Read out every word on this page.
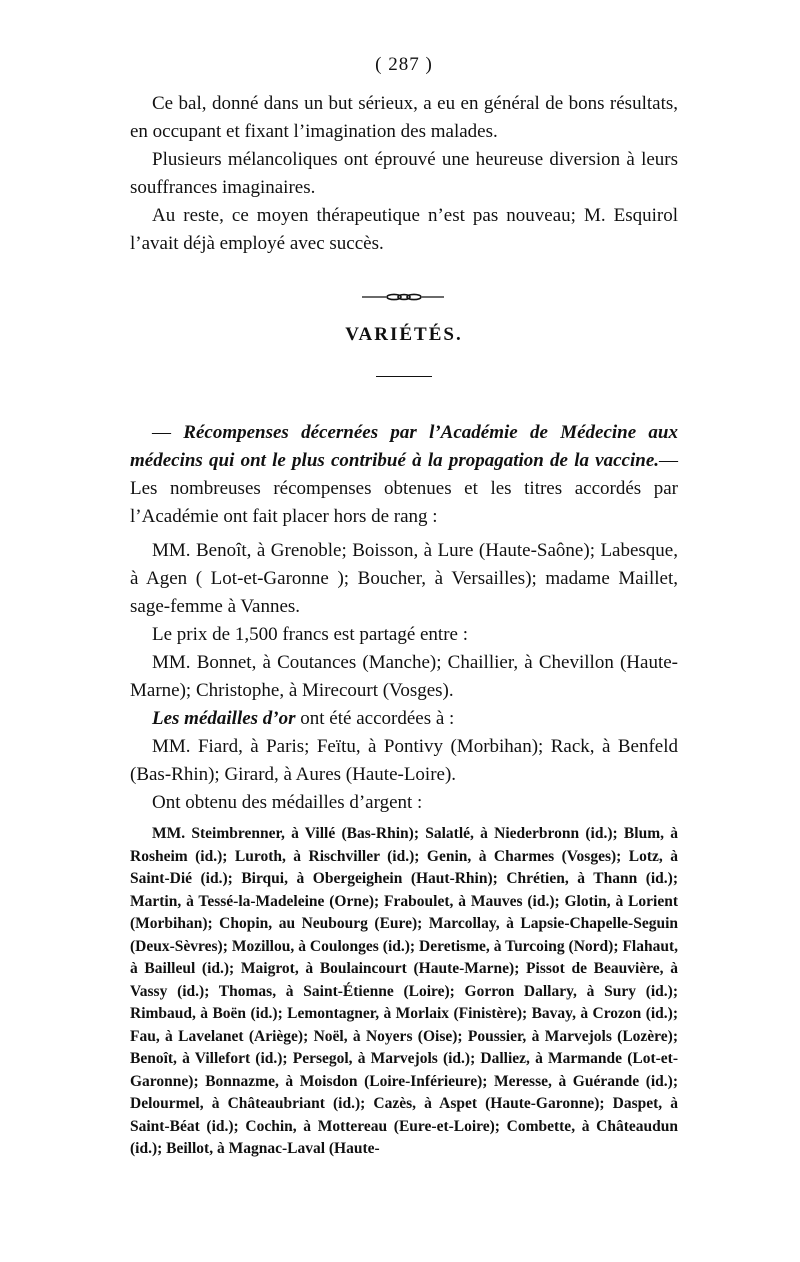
( 287 )

Ce bal, donné dans un but sérieux, a eu en général de bons résultats, en occupant et fixant l’imagination des malades.

Plusieurs mélancoliques ont éprouvé une heureuse diversion à leurs souffrances imaginaires.

Au reste, ce moyen thérapeutique n’est pas nouveau; M. Esquirol l’avait déjà employé avec succès.

VARIÉTÉS.

— Récompenses décernées par l’Académie de Médecine aux médecins qui ont le plus contribué à la propagation de la vaccine.— Les nombreuses récompenses obtenues et les titres accordés par l’Académie ont fait placer hors de rang :

MM. Benoît, à Grenoble; Boisson, à Lure (Haute-Saône); Labesque, à Agen ( Lot-et-Garonne ); Boucher, à Versailles); madame Maillet, sage-femme à Vannes.

Le prix de 1,500 francs est partagé entre :

MM. Bonnet, à Coutances (Manche); Chaillier, à Chevillon (Haute-Marne); Christophe, à Mirecourt (Vosges).

Les médailles d’or ont été accordées à :

MM. Fiard, à Paris; Feïtu, à Pontivy (Morbihan); Rack, à Benfeld (Bas-Rhin); Girard, à Aures (Haute-Loire).

Ont obtenu des médailles d’argent :

MM. Steimbrenner, à Villé (Bas-Rhin); Salatlé, à Niederbronn (id.); Blum, à Rosheim (id.); Luroth, à Rischviller (id.); Genin, à Charmes (Vosges); Lotz, à Saint-Dié (id.); Birqui, à Obergeighein (Haut-Rhin); Chrétien, à Thann (id.); Martin, à Tessé-la-Madeleine (Orne); Fraboulet, à Mauves (id.); Glotin, à Lorient (Morbihan); Chopin, au Neubourg (Eure); Marcollay, à Lapsie-Chapelle-Seguin (Deux-Sèvres); Mozillou, à Coulonges (id.); Deretisme, à Turcoing (Nord); Flahaut, à Bailleul (id.); Maigrot, à Boulaincourt (Haute-Marne); Pissot de Beauvière, à Vassy (id.); Thomas, à Saint-Étienne (Loire); Gorron Dallary, à Sury (id.); Rimbaud, à Boën (id.); Lemontagner, à Morlaix (Finistère); Bavay, à Crozon (id.); Fau, à Lavelanet (Ariège); Noël, à Noyers (Oise); Poussier, à Marvejols (Lozère); Benoît, à Villefort (id.); Persegol, à Marvejols (id.); Dalliez, à Marmande (Lot-et-Garonne); Bonnazme, à Moisdon (Loire-Inférieure); Meresse, à Guérande (id.); Delourmel, à Châteaubriant (id.); Cazès, à Aspet (Haute-Garonne); Daspet, à Saint-Béat (id.); Cochin, à Mottereau (Eure-et-Loire); Combette, à Châteaudun (id.); Beillot, à Magnac-Laval (Haute-
